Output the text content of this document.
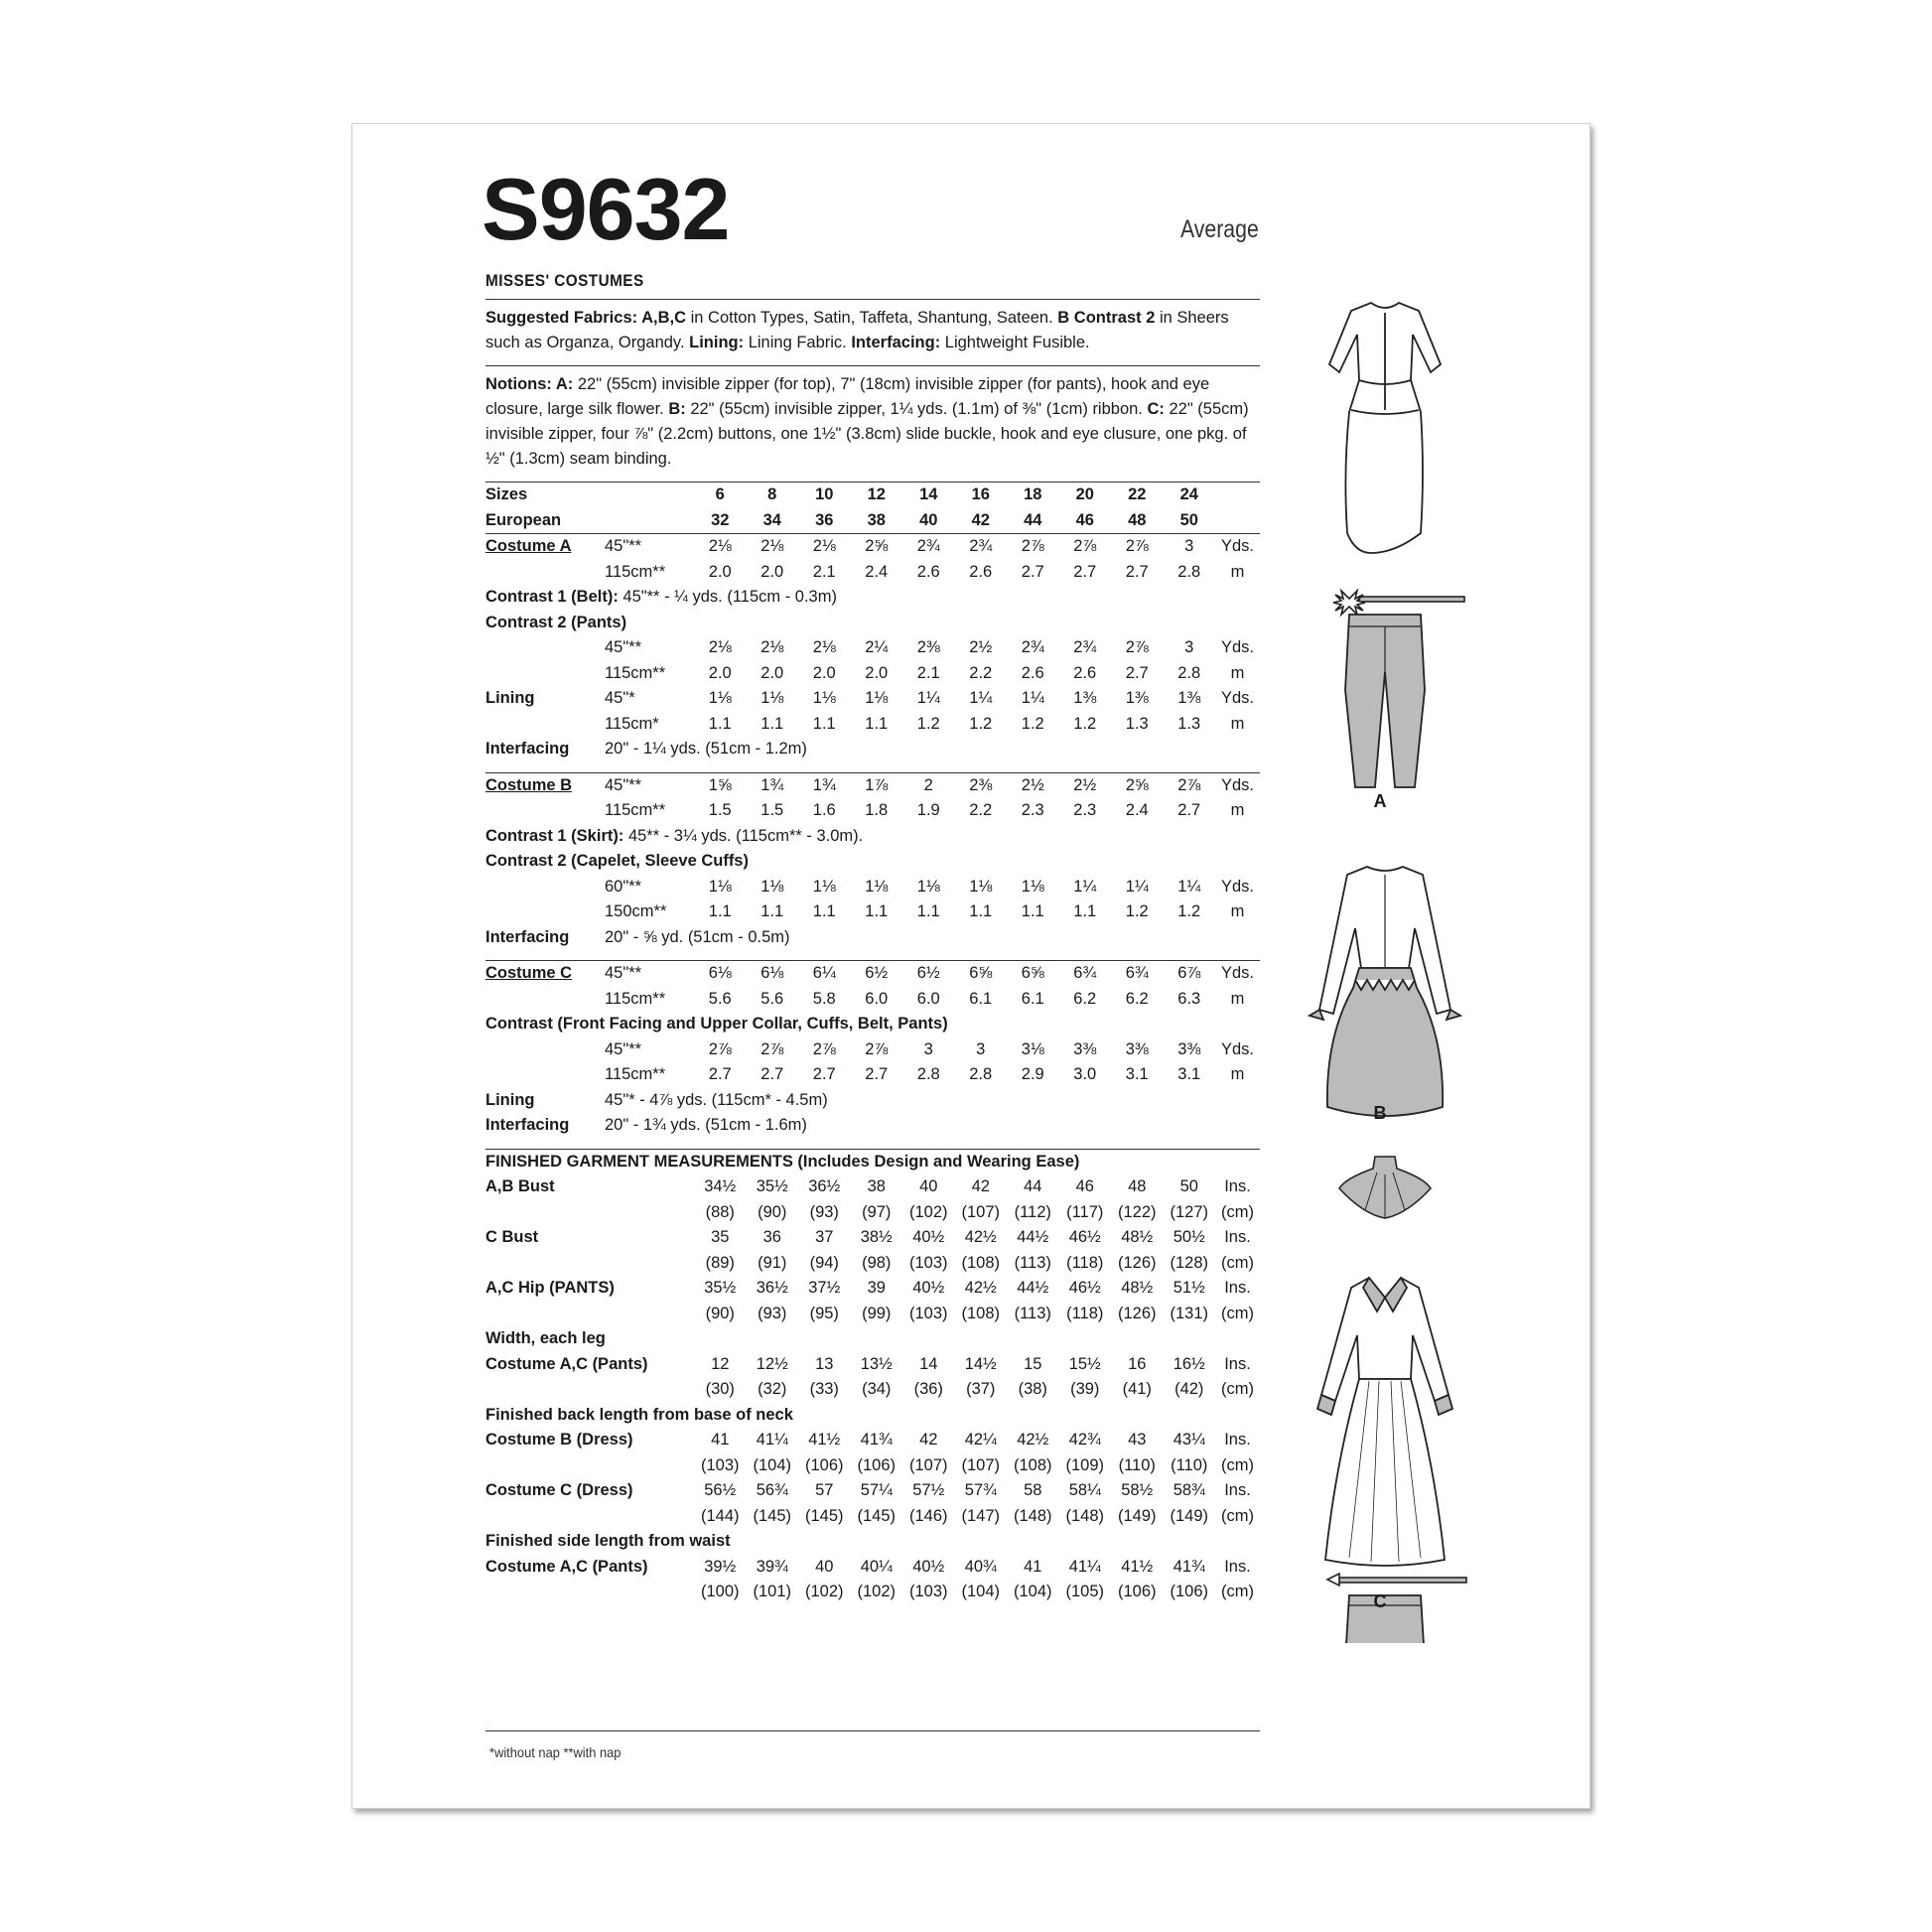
S9632	Average
MISSES' COSTUMES

Suggested Fabrics: A,B,C in Cotton Types, Satin, Taffeta, Shantung, Sateen. B Contrast 2 in Sheers such as Organza, Organdy. Lining: Lining Fabric. Interfacing: Lightweight Fusible.

Notions: A: 22" (55cm) invisible zipper (for top), 7" (18cm) invisible zipper (for pants), hook and eye closure, large silk flower. B: 22" (55cm) invisible zipper, 1¼ yds. (1.1m) of ⅜" (1cm) ribbon. C: 22" (55cm) invisible zipper, four ⅞" (2.2cm) buttons, one 1½" (3.8cm) slide buckle, hook and eye clusure, one pkg. of ½" (1.3cm) seam binding.

Sizes		6	8	10	12	14	16	18	20	22	24	
European		32	34	36	38	40	42	44	46	48	50	
Costume A	45"**	2⅛	2⅛	2⅛	2⅝	2¾	2¾	2⅞	2⅞	2⅞	3	Yds.
	115cm**	2.0	2.0	2.1	2.4	2.6	2.6	2.7	2.7	2.7	2.8	m
Contrast 1 (Belt): 45"** - ¼ yds. (115cm - 0.3m)												
Contrast 2 (Pants)												
	45"**	2⅛	2⅛	2⅛	2¼	2⅜	2½	2¾	2¾	2⅞	3	Yds.
	115cm**	2.0	2.0	2.0	2.0	2.1	2.2	2.6	2.6	2.7	2.8	m
Lining	45"*	1⅛	1⅛	1⅛	1⅛	1¼	1¼	1¼	1⅜	1⅜	1⅜	Yds.
	115cm*	1.1	1.1	1.1	1.1	1.2	1.2	1.2	1.2	1.3	1.3	m
Interfacing	20" - 1¼ yds. (51cm - 1.2m)											

Costume B	45"**	1⅝	1¾	1¾	1⅞	2	2⅜	2½	2½	2⅝	2⅞	Yds.
	115cm**	1.5	1.5	1.6	1.8	1.9	2.2	2.3	2.3	2.4	2.7	m
Contrast 1 (Skirt): 45** - 3¼ yds. (115cm** - 3.0m).												
Contrast 2 (Capelet, Sleeve Cuffs)												
	60"**	1⅛	1⅛	1⅛	1⅛	1⅛	1⅛	1⅛	1¼	1¼	1¼	Yds.
	150cm**	1.1	1.1	1.1	1.1	1.1	1.1	1.1	1.1	1.2	1.2	m
Interfacing	20" - ⅝ yd. (51cm - 0.5m)											

Costume C	45"**	6⅛	6⅛	6¼	6½	6½	6⅝	6⅝	6¾	6¾	6⅞	Yds.
	115cm**	5.6	5.6	5.8	6.0	6.0	6.1	6.1	6.2	6.2	6.3	m
Contrast (Front Facing and Upper Collar, Cuffs, Belt, Pants)												
	45"**	2⅞	2⅞	2⅞	2⅞	3	3	3⅛	3⅜	3⅜	3⅜	Yds.
	115cm**	2.7	2.7	2.7	2.7	2.8	2.8	2.9	3.0	3.1	3.1	m
Lining	45"* - 4⅞ yds. (115cm* - 4.5m)											
Interfacing	20" - 1¾ yds. (51cm - 1.6m)											

FINISHED GARMENT MEASUREMENTS (Includes Design and Wearing Ease)											
A,B Bust	34½	35½	36½	38	40	42	44	46	48	50	Ins.
	(88)	(90)	(93)	(97)	(102)	(107)	(112)	(117)	(122)	(127)	(cm)
C Bust	35	36	37	38½	40½	42½	44½	46½	48½	50½	Ins.
	(89)	(91)	(94)	(98)	(103)	(108)	(113)	(118)	(126)	(128)	(cm)
A,C Hip (PANTS)	35½	36½	37½	39	40½	42½	44½	46½	48½	51½	Ins.
	(90)	(93)	(95)	(99)	(103)	(108)	(113)	(118)	(126)	(131)	(cm)
Width, each leg											
Costume A,C (Pants)	12	12½	13	13½	14	14½	15	15½	16	16½	Ins.
	(30)	(32)	(33)	(34)	(36)	(37)	(38)	(39)	(41)	(42)	(cm)
Finished back length from base of neck											
Costume B (Dress)	41	41¼	41½	41¾	42	42¼	42½	42¾	43	43¼	Ins.
	(103)	(104)	(106)	(106)	(107)	(107)	(108)	(109)	(110)	(110)	(cm)
Costume C (Dress)	56½	56¾	57	57¼	57½	57¾	58	58¼	58½	58¾	Ins.
	(144)	(145)	(145)	(145)	(146)	(147)	(148)	(148)	(149)	(149)	(cm)
Finished side length from waist											
Costume A,C (Pants)	39½	39¾	40	40¼	40½	40¾	41	41¼	41½	41¾	Ins.
	(100)	(101)	(102)	(102)	(103)	(104)	(104)	(105)	(106)	(106)	(cm)
*without nap **with nap
A
B
C
